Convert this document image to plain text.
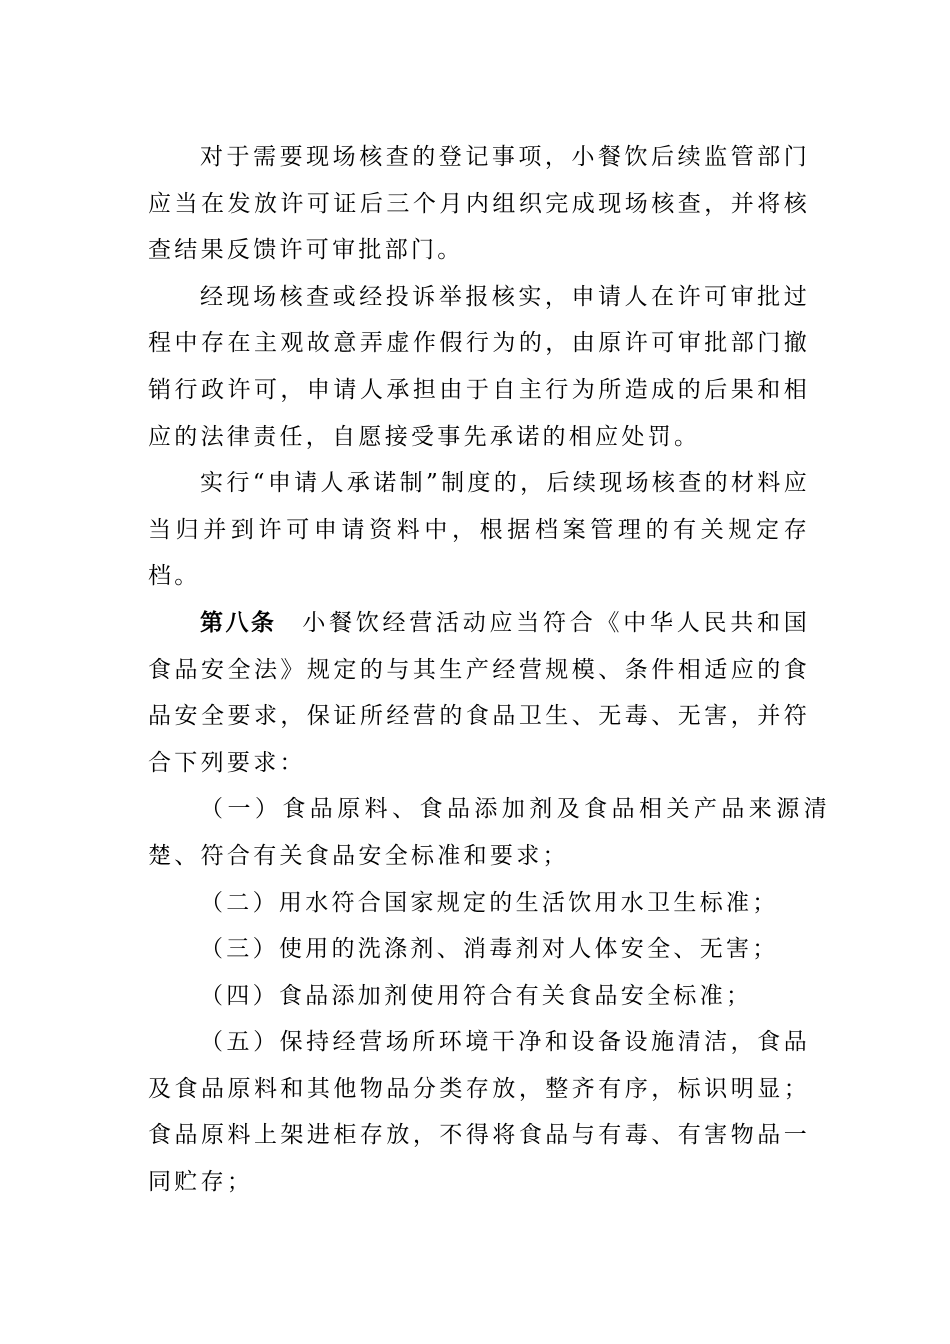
对于需要现场核查的登记事项，小餐饮后续监管部门应当在发放许可证后三个月内组织完成现场核查，并将核查结果反馈许可审批部门。

经现场核查或经投诉举报核实，申请人在许可审批过程中存在主观故意弄虚作假行为的，由原许可审批部门撤销行政许可，申请人承担由于自主行为所造成的后果和相应的法律责任，自愿接受事先承诺的相应处罚。

实行“申请人承诺制”制度的，后续现场核查的材料应当归并到许可申请资料中，根据档案管理的有关规定存档。

第八条 小餐饮经营活动应当符合《中华人民共和国食品安全法》规定的与其生产经营规模、条件相适应的食品安全要求，保证所经营的食品卫生、无毒、无害，并符合下列要求：

（一）食品原料、食品添加剂及食品相关产品来源清楚、符合有关食品安全标准和要求；

（二）用水符合国家规定的生活饮用水卫生标准；

（三）使用的洗涤剂、消毒剂对人体安全、无害；

（四）食品添加剂使用符合有关食品安全标准；

（五）保持经营场所环境干净和设备设施清洁，食品及食品原料和其他物品分类存放，整齐有序，标识明显；食品原料上架进柜存放，不得将食品与有毒、有害物品一同贮存；
